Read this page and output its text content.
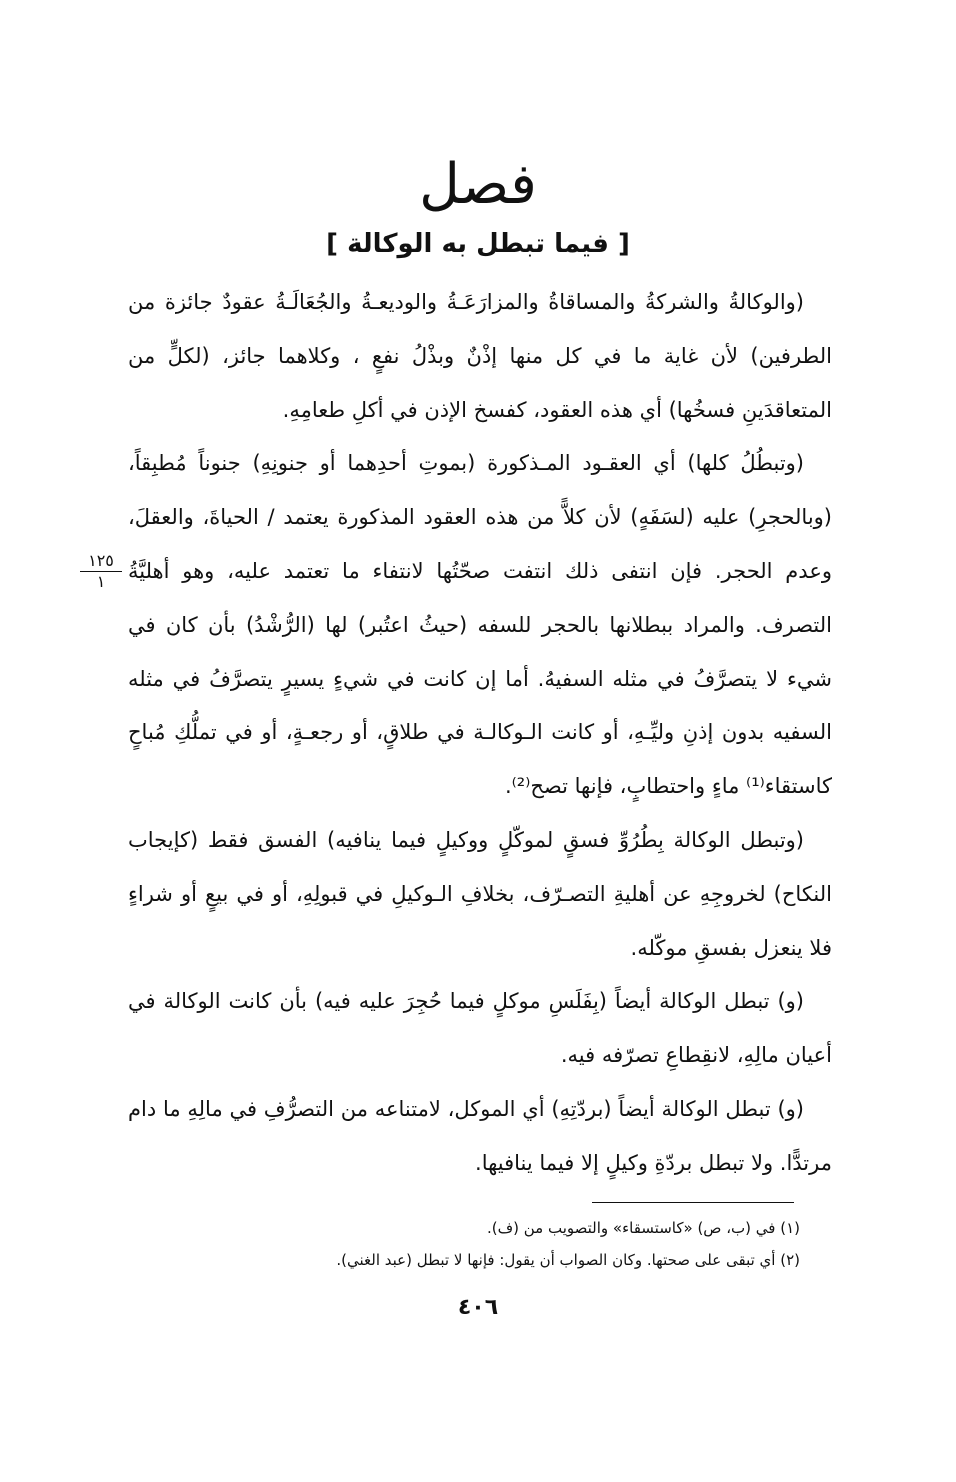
فصل
[ فيما تبطل به الوكالة ]

(والوكالةُ والشركةُ والمساقاةُ والمزارَعَـةُ والوديعـةُ والجُعَالَـةُ عقودٌ جائزة من الطرفين) لأن غاية ما في كل منها إذْنٌ وبذْلُ نفعٍ ، وكلاهما جائز، (لكلٍّ من المتعاقدَينِ فسخُها) أي هذه العقود، كفسخ الإذن في أكلِ طعامِهِ.

(وتبطُلُ كلها) أي العقـود المـذكورة (بموتِ أحدِهما أو جنونِهِ) جنوناً مُطبِقاً، (وبالحجرِ) عليه (لسَفَهٍ) لأن كلاًّ من هذه العقود المذكورة يعتمد / الحياةَ، والعقلَ، وعدم الحجر. فإن انتفى ذلك انتفت صحّتُها لانتفاء ما تعتمد عليه، وهو أهليَّةُ التصرف. والمراد ببطلانها بالحجر للسفه (حيثُ اعتُبر) لها (الرُّشْدُ) بأن كان في شيء لا يتصرَّفُ في مثله السفيهُ. أما إن كانت في شيءٍ يسيرٍ يتصرَّفُ في مثله السفيه بدون إذنِ وليِّـهِ، أو كانت الـوكالـة في طلاقٍ، أو رجعـةٍ، أو في تملُّكِ مُباحٍ كاستقاء⁽¹⁾ ماءٍ واحتطابٍ، فإنها تصح⁽²⁾.

(وتبطل الوكالة بِطُرُوِّ فسقٍ لموكّلٍ ووكيلٍ فيما ينافيه) الفسق فقط (كإيجاب النكاح) لخروجِهِ عن أهليةِ التصـرّف، بخلافِ الـوكيلِ في قبولِهِ، أو في بيعٍ أو شراءٍ فلا ينعزل بفسقِ موكّله.

(و) تبطل الوكالة أيضاً (بِفَلَسِ موكلٍ فيما حُجِرَ عليه فيه) بأن كانت الوكالة في أعيان مالِهِ، لانقِطاعِ تصرّفه فيه.

(و) تبطل الوكالة أيضاً (بردّتِهِ) أي الموكل، لامتناعه من التصرُّفِ في مالِهِ ما دام مرتدًّا. ولا تبطل بردّةِ وكيلٍ إلا فيما ينافيها.

١٢٥
١
(١) في (ب، ص) «كاستسقاء» والتصويب من (ف).
(٢) أي تبقى على صحتها. وكان الصواب أن يقول: فإنها لا تبطل (عبد الغني).
٤٠٦
